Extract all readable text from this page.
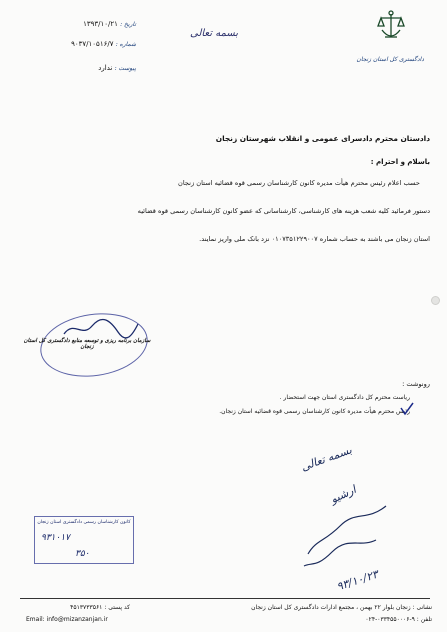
دادگستری کل استان زنجان
بسمه تعالی
تاریخ : ۱۳۹۳/۱۰/۲۱
شماره : ۹۰۳۷/۱۰۵۱۶/۷
پیوست : ندارد
دادستان محترم دادسرای عمومی و انقلاب شهرستان زنجان
باسلام و احترام :
حسب اعلام رئیس محترم هیأت مدیره کانون کارشناسان رسمی قوه قضائیه استان زنجان
دستور فرمائید کلیه شعب هزینه های کارشناسی، کارشناسانی که عضو کانون کارشناسان رسمی قوه قضائیه
استان زنجان می باشند به حساب شماره ۰۱۰۷۳۵۱۲۲۹۰۰۷ نزد بانک ملی واریز نمایند.
سازمان برنامه ریزی و توسعه منابع دادگستری کل استان زنجان
رونوشت :
ریاست محترم کل دادگستری استان جهت استحضار .
رئیس محترم هیأت مدیره کانون کارشناسان رسمی قوه قضائیه استان زنجان.
کانون کارشناسان رسمی دادگستری استان زنجان
۹۳۱۰۱۷
۳۵۰
بسمه تعالی
ارشیو
۹۳/۱۰/۲۳
نشانی : زنجان بلوار ۲۲ بهمن ، مجتمع ادارات دادگستری کل استان زنجان
تلفن : ۹-۰۳۳۴۵۵۰۰۰۶-۰۲۴
کد پستی : ۴۵۱۳۷۳۳۵۶۱
Email: info@mizanzanjan.ir
